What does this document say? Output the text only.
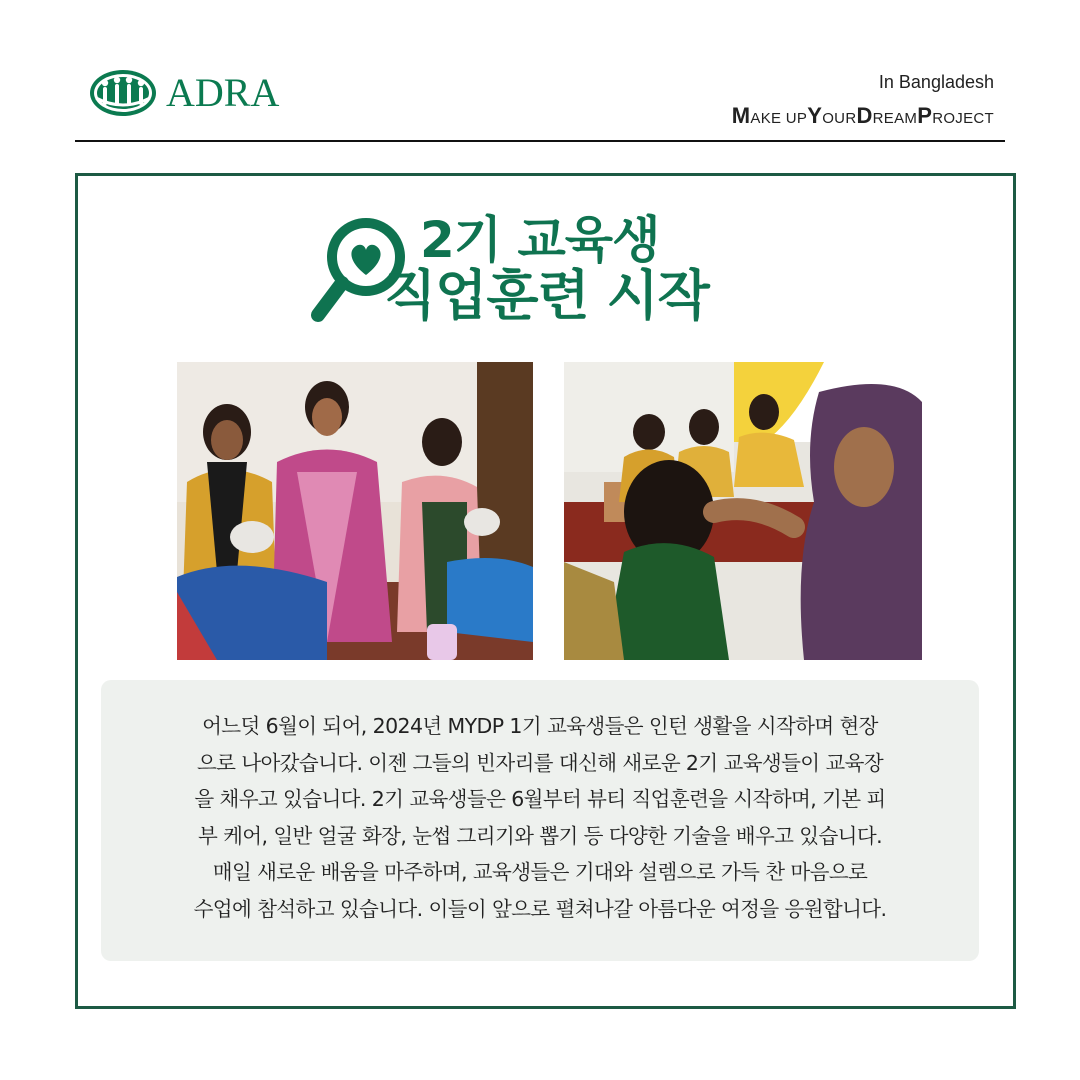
ADRA	In Bangladesh
MAKE UPYOURDREAMPROJECT
2기 교육생
직업훈련 시작
어느덧 6월이 되어, 2024년 MYDP 1기 교육생들은 인턴 생활을 시작하며 현장
으로 나아갔습니다. 이젠 그들의 빈자리를 대신해 새로운 2기 교육생들이 교육장
을 채우고 있습니다. 2기 교육생들은 6월부터 뷰티 직업훈련을 시작하며, 기본 피
부 케어, 일반 얼굴 화장, 눈썹 그리기와 뽑기 등 다양한 기술을 배우고 있습니다.
매일 새로운 배움을 마주하며, 교육생들은 기대와 설렘으로 가득 찬 마음으로
수업에 참석하고 있습니다. 이들이 앞으로 펼쳐나갈 아름다운 여정을 응원합니다.
